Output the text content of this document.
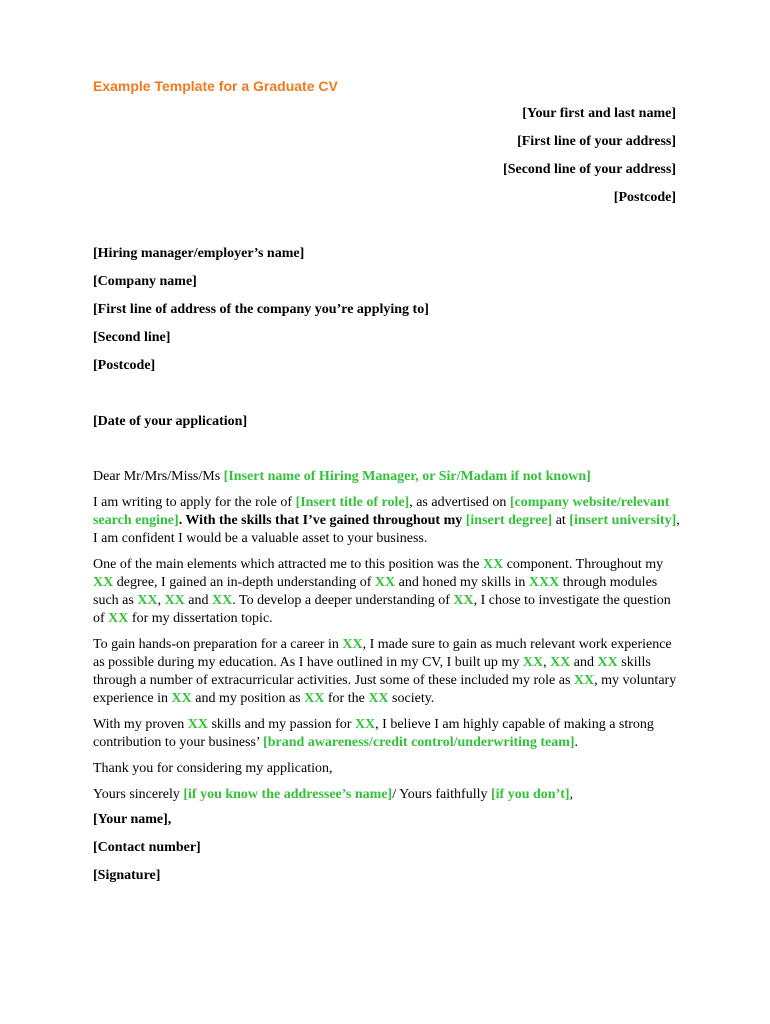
Example Template for a Graduate CV
[Your first and last name]
[First line of your address]
[Second line of your address]
[Postcode]
[Hiring manager/employer’s name]
[Company name]
[First line of address of the company you’re applying to]
[Second line]
[Postcode]
[Date of your application]

Dear Mr/Mrs/Miss/Ms [Insert name of Hiring Manager, or Sir/Madam if not known]

I am writing to apply for the role of [Insert title of role], as advertised on [company website/relevant search engine]. With the skills that I’ve gained throughout my [insert degree] at [insert university], I am confident I would be a valuable asset to your business.

One of the main elements which attracted me to this position was the XX component. Throughout my XX degree, I gained an in-depth understanding of XX and honed my skills in XXX through modules such as XX, XX and XX. To develop a deeper understanding of XX, I chose to investigate the question of XX for my dissertation topic.

To gain hands-on preparation for a career in XX, I made sure to gain as much relevant work experience as possible during my education. As I have outlined in my CV, I built up my XX, XX and XX skills through a number of extracurricular activities. Just some of these included my role as XX, my voluntary experience in XX and my position as XX for the XX society.

With my proven XX skills and my passion for XX, I believe I am highly capable of making a strong contribution to your business’ [brand awareness/credit control/underwriting team].

Thank you for considering my application,

Yours sincerely [if you know the addressee’s name]/ Yours faithfully [if you don’t],

[Your name],
[Contact number]
[Signature]
